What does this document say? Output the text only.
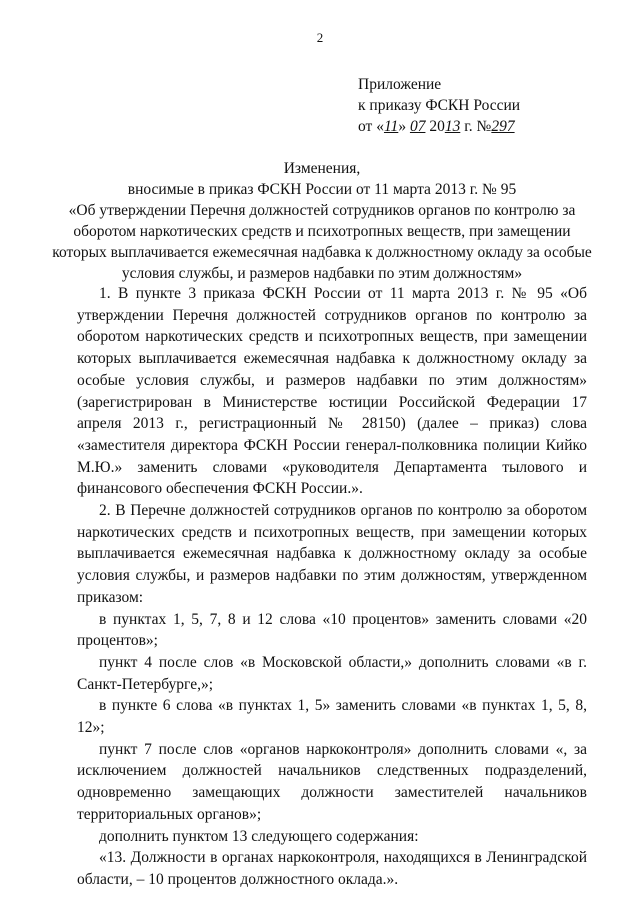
2
Приложение
к приказу ФСКН России
от «11» 07 2013 г. №297
Изменения,
вносимые в приказ ФСКН России от 11 марта 2013 г. № 95
«Об утверждении Перечня должностей сотрудников органов по контролю за оборотом наркотических средств и психотропных веществ, при замещении которых выплачивается ежемесячная надбавка к должностному окладу за особые условия службы, и размеров надбавки по этим должностям»

1. В пункте 3 приказа ФСКН России от 11 марта 2013 г. № 95 «Об утверждении Перечня должностей сотрудников органов по контролю за оборотом наркотических средств и психотропных веществ, при замещении которых выплачивается ежемесячная надбавка к должностному окладу за особые условия службы, и размеров надбавки по этим должностям» (зарегистрирован в Министерстве юстиции Российской Федерации 17 апреля 2013 г., регистрационный № 28150) (далее – приказ) слова «заместителя директора ФСКН России генерал-полковника полиции Кийко М.Ю.» заменить словами «руководителя Департамента тылового и финансового обеспечения ФСКН России.».

2. В Перечне должностей сотрудников органов по контролю за оборотом наркотических средств и психотропных веществ, при замещении которых выплачивается ежемесячная надбавка к должностному окладу за особые условия службы, и размеров надбавки по этим должностям, утвержденном приказом:

в пунктах 1, 5, 7, 8 и 12 слова «10 процентов» заменить словами «20 процентов»;

пункт 4 после слов «в Московской области,» дополнить словами «в г. Санкт-Петербурге,»;

в пункте 6 слова «в пунктах 1, 5» заменить словами «в пунктах 1, 5, 8, 12»;

пункт 7 после слов «органов наркоконтроля» дополнить словами «, за исключением должностей начальников следственных подразделений, одновременно замещающих должности заместителей начальников территориальных органов»;

дополнить пунктом 13 следующего содержания:

«13. Должности в органах наркоконтроля, находящихся в Ленинградской области, – 10 процентов должностного оклада.».
